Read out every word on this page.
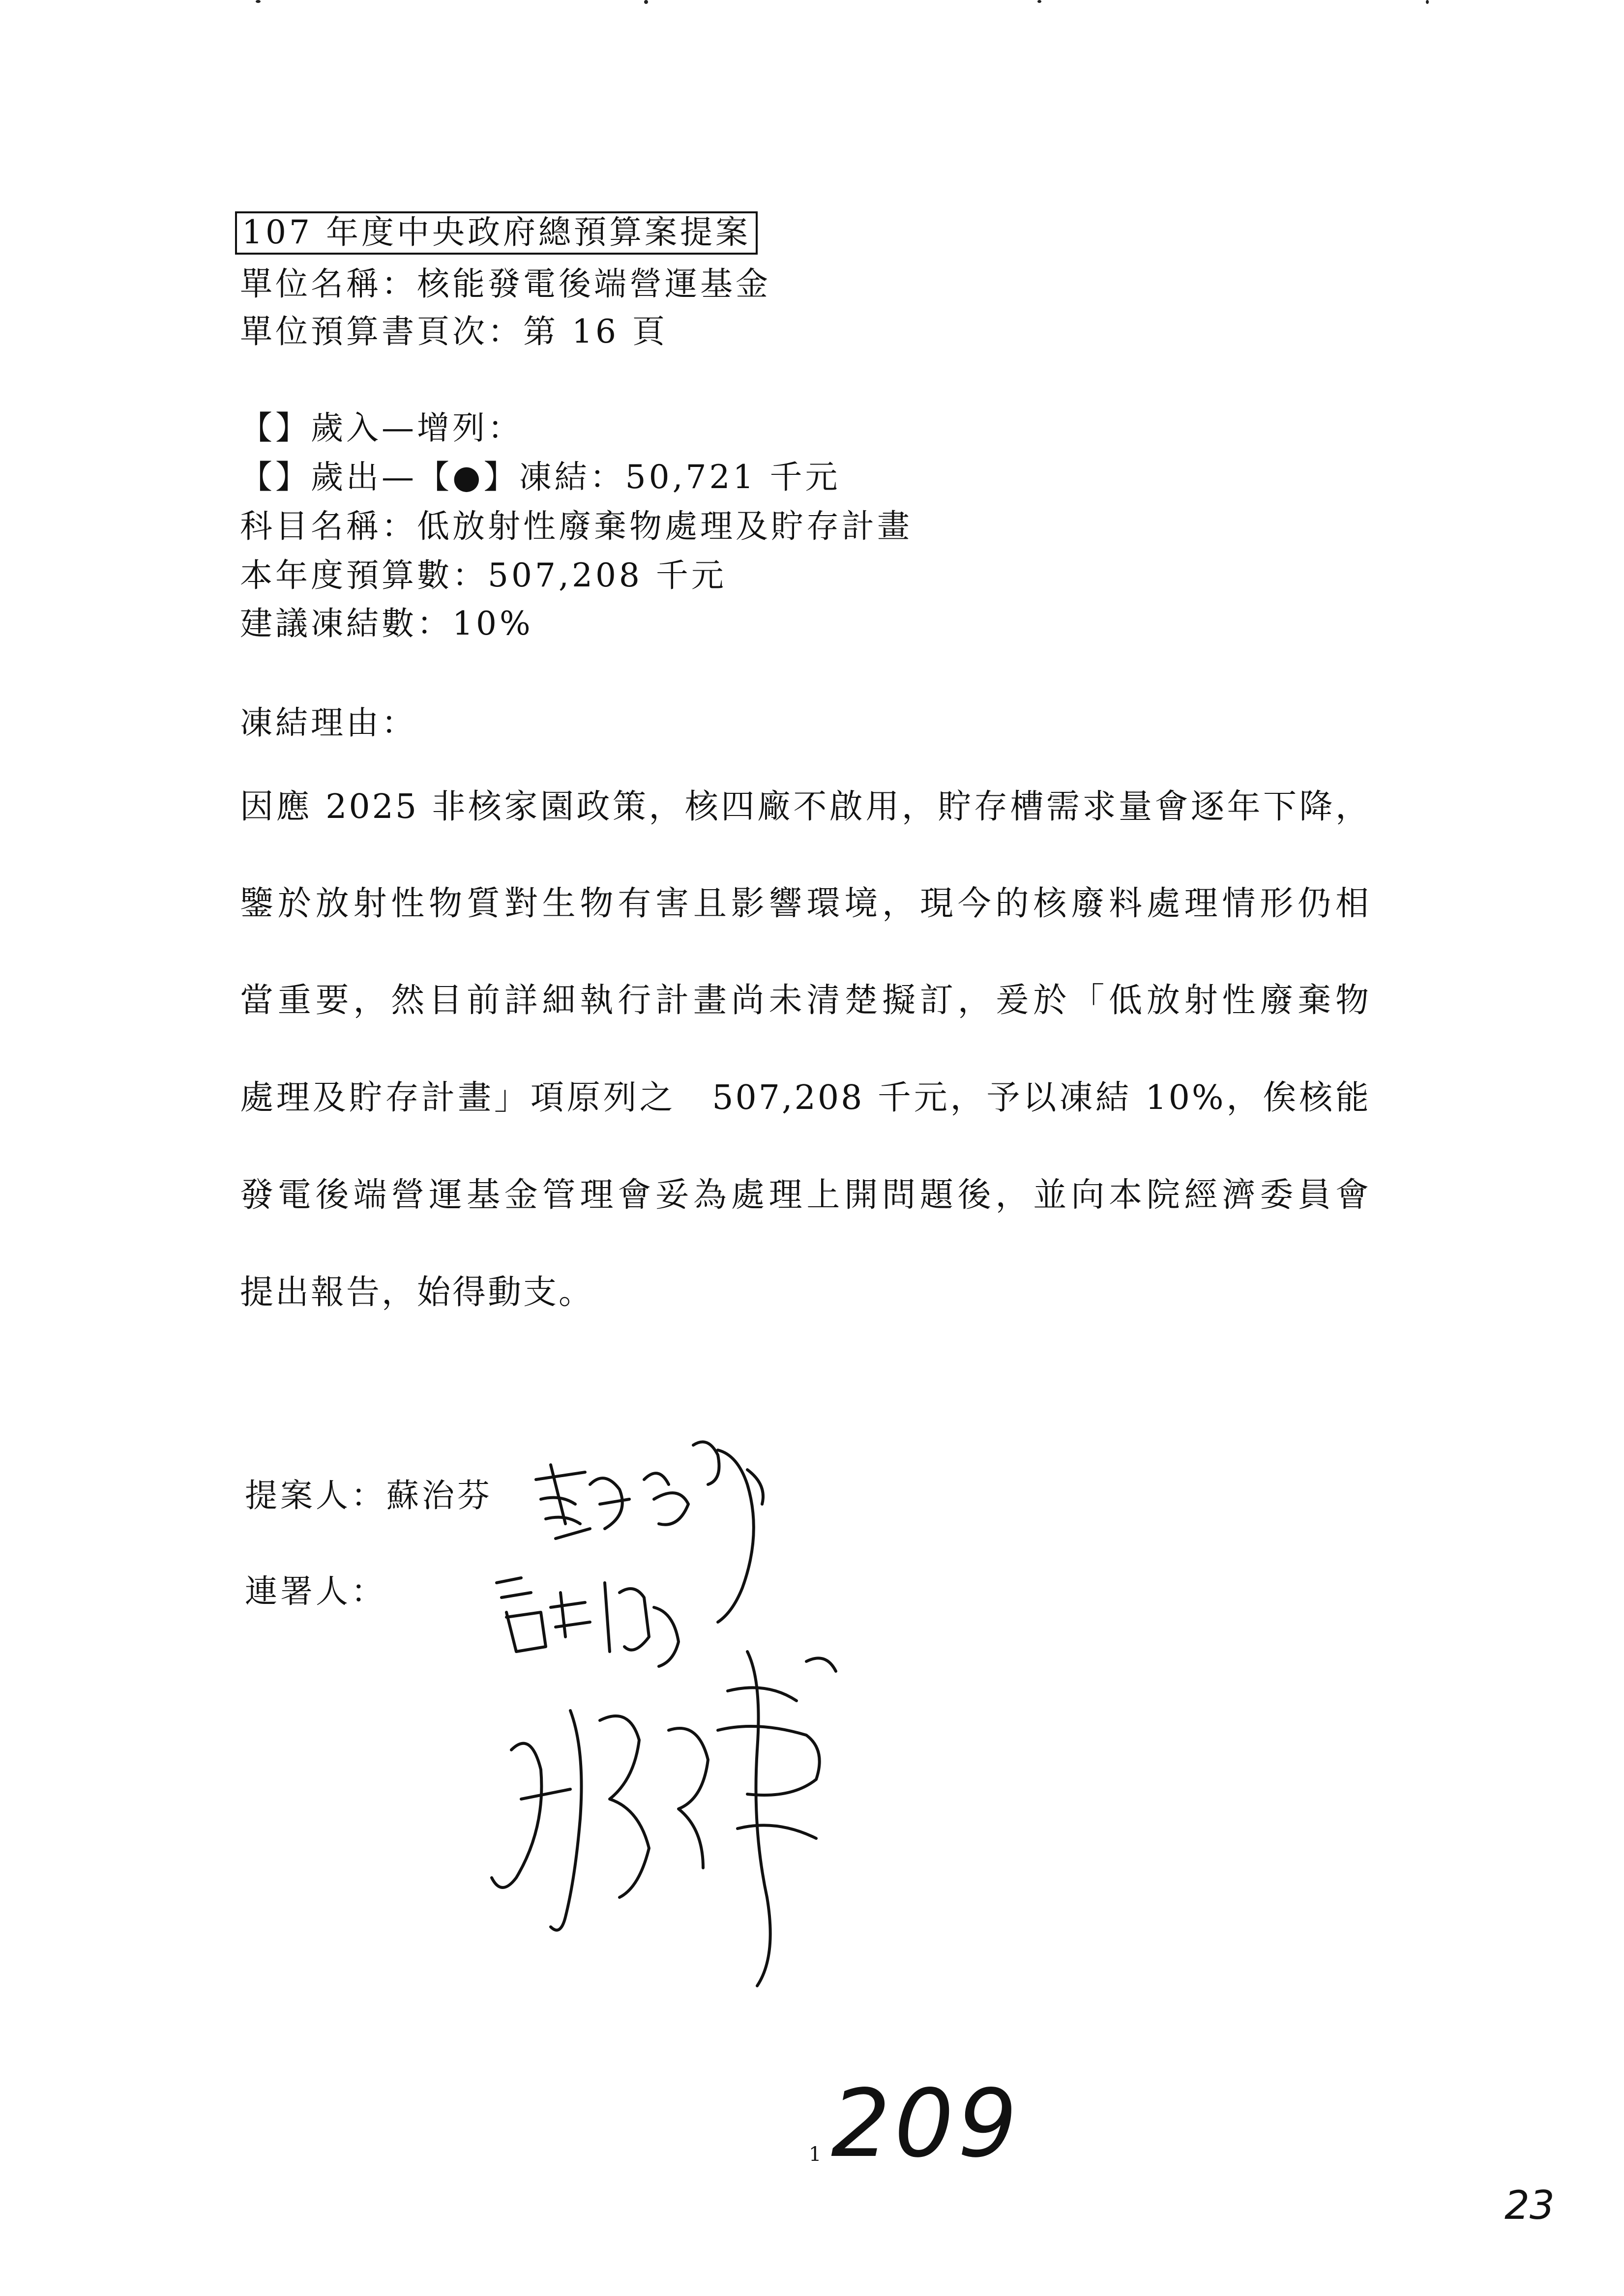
107 年度中央政府總預算案提案
單位名稱：核能發電後端營運基金
單位預算書頁次：第 16 頁
【】歲入—增列：
【】歲出—【●】凍結：50,721 千元
科目名稱：低放射性廢棄物處理及貯存計畫
本年度預算數：507,208 千元
建議凍結數：10%
凍結理由：
因應 2025 非核家園政策，核四廠不啟用，貯存槽需求量會逐年下降，
鑒於放射性物質對生物有害且影響環境，現今的核廢料處理情形仍相
當重要，然目前詳細執行計畫尚未清楚擬訂，爰於「低放射性廢棄物
處理及貯存計畫」項原列之　507,208 千元，予以凍結 10%，俟核能
發電後端營運基金管理會妥為處理上開問題後，並向本院經濟委員會
提出報告，始得動支。
提案人：蘇治芬
連署人：
1 209
23
